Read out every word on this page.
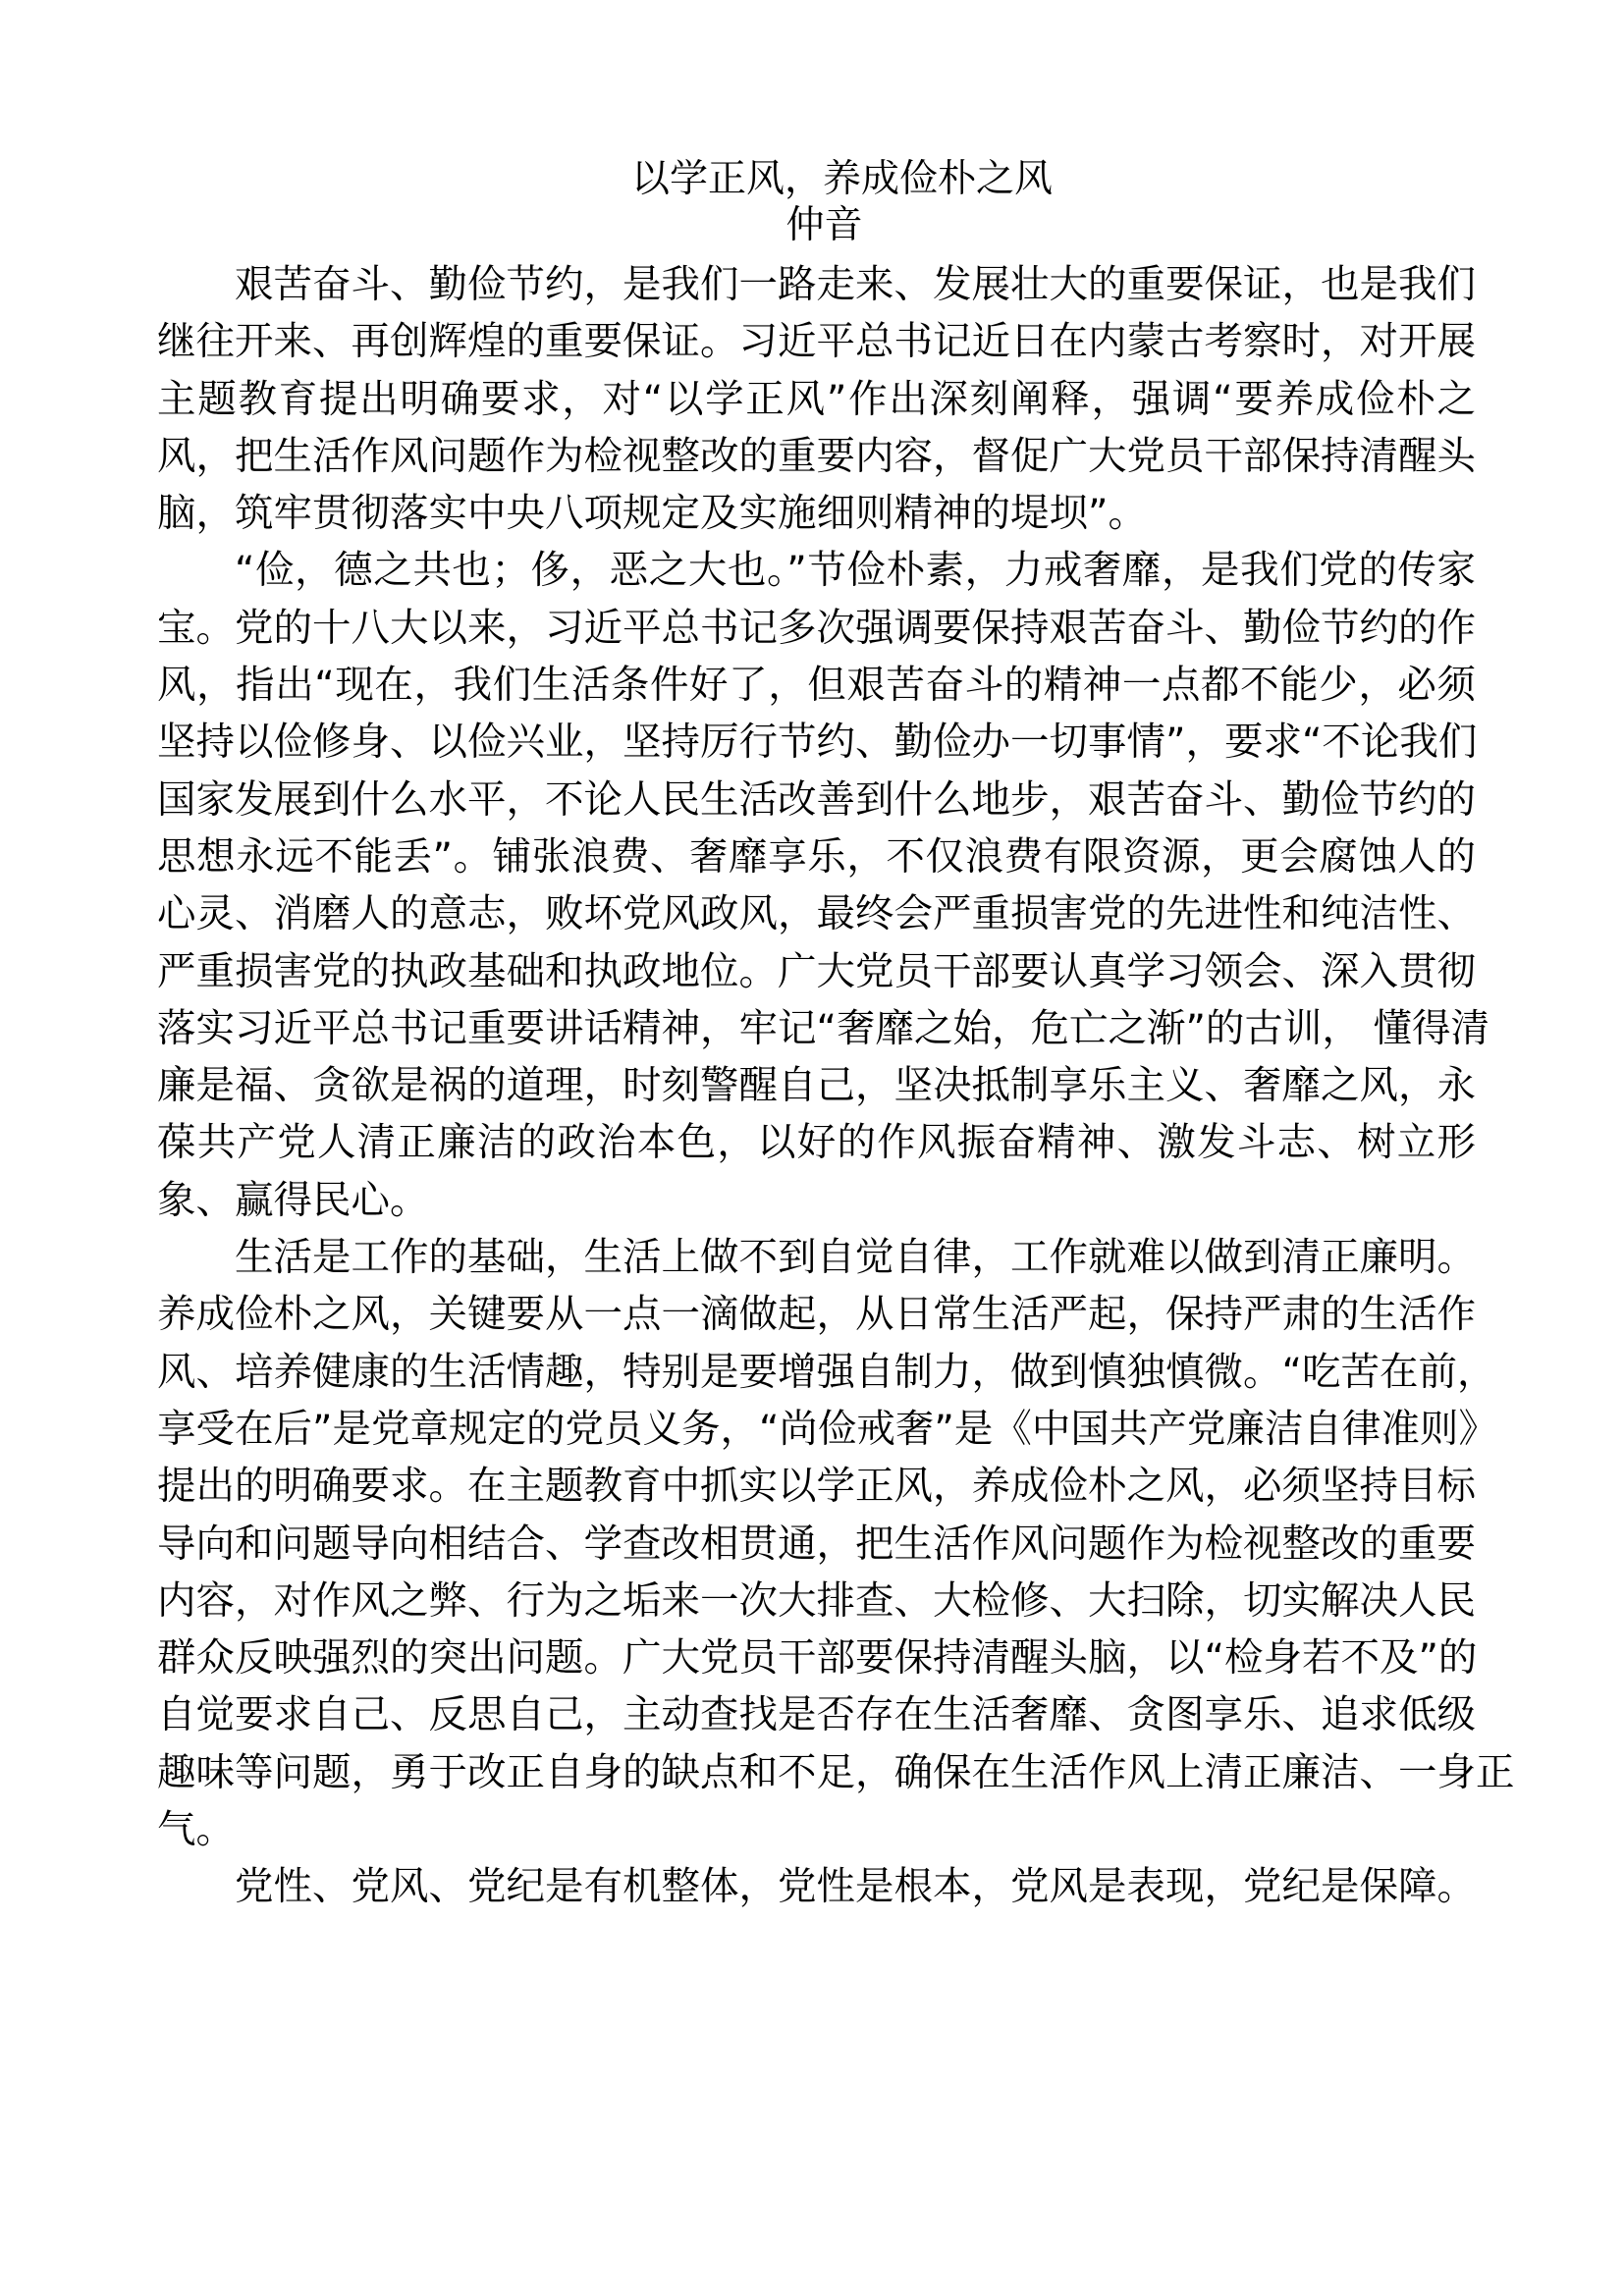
以学正风，养成俭朴之风
仲音
艰苦奋斗、勤俭节约，是我们一路走来、发展壮大的重要保证，也是我们
继往开来、再创辉煌的重要保证。习近平总书记近日在内蒙古考察时，对开展
主题教育提出明确要求，对“以学正风”作出深刻阐释，强调“要养成俭朴之
风，把生活作风问题作为检视整改的重要内容，督促广大党员干部保持清醒头
脑，筑牢贯彻落实中央八项规定及实施细则精神的堤坝”。
“俭，德之共也；侈，恶之大也。”节俭朴素，力戒奢靡，是我们党的传家
宝。党的十八大以来，习近平总书记多次强调要保持艰苦奋斗、勤俭节约的作
风，指出“现在，我们生活条件好了，但艰苦奋斗的精神一点都不能少，必须
坚持以俭修身、以俭兴业，坚持厉行节约、勤俭办一切事情”，要求“不论我们
国家发展到什么水平，不论人民生活改善到什么地步，艰苦奋斗、勤俭节约的
思想永远不能丢”。铺张浪费、奢靡享乐，不仅浪费有限资源，更会腐蚀人的
心灵、消磨人的意志，败坏党风政风，最终会严重损害党的先进性和纯洁性、
严重损害党的执政基础和执政地位。广大党员干部要认真学习领会、深入贯彻
落实习近平总书记重要讲话精神，牢记“奢靡之始，危亡之渐”的古训， 懂得清
廉是福、贪欲是祸的道理，时刻警醒自己，坚决抵制享乐主义、奢靡之风，永
葆共产党人清正廉洁的政治本色，以好的作风振奋精神、激发斗志、树立形
象、赢得民心。
生活是工作的基础，生活上做不到自觉自律，工作就难以做到清正廉明。
养成俭朴之风，关键要从一点一滴做起，从日常生活严起，保持严肃的生活作
风、培养健康的生活情趣，特别是要增强自制力，做到慎独慎微。“吃苦在前，
享受在后”是党章规定的党员义务，“尚俭戒奢”是《中国共产党廉洁自律准则》
提出的明确要求。在主题教育中抓实以学正风，养成俭朴之风，必须坚持目标
导向和问题导向相结合、学查改相贯通，把生活作风问题作为检视整改的重要
内容，对作风之弊、行为之垢来一次大排查、大检修、大扫除，切实解决人民
群众反映强烈的突出问题。广大党员干部要保持清醒头脑，以“检身若不及”的
自觉要求自己、反思自己，主动查找是否存在生活奢靡、贪图享乐、追求低级
趣味等问题，勇于改正自身的缺点和不足，确保在生活作风上清正廉洁、一身正
气。
党性、党风、党纪是有机整体，党性是根本，党风是表现，党纪是保障。
